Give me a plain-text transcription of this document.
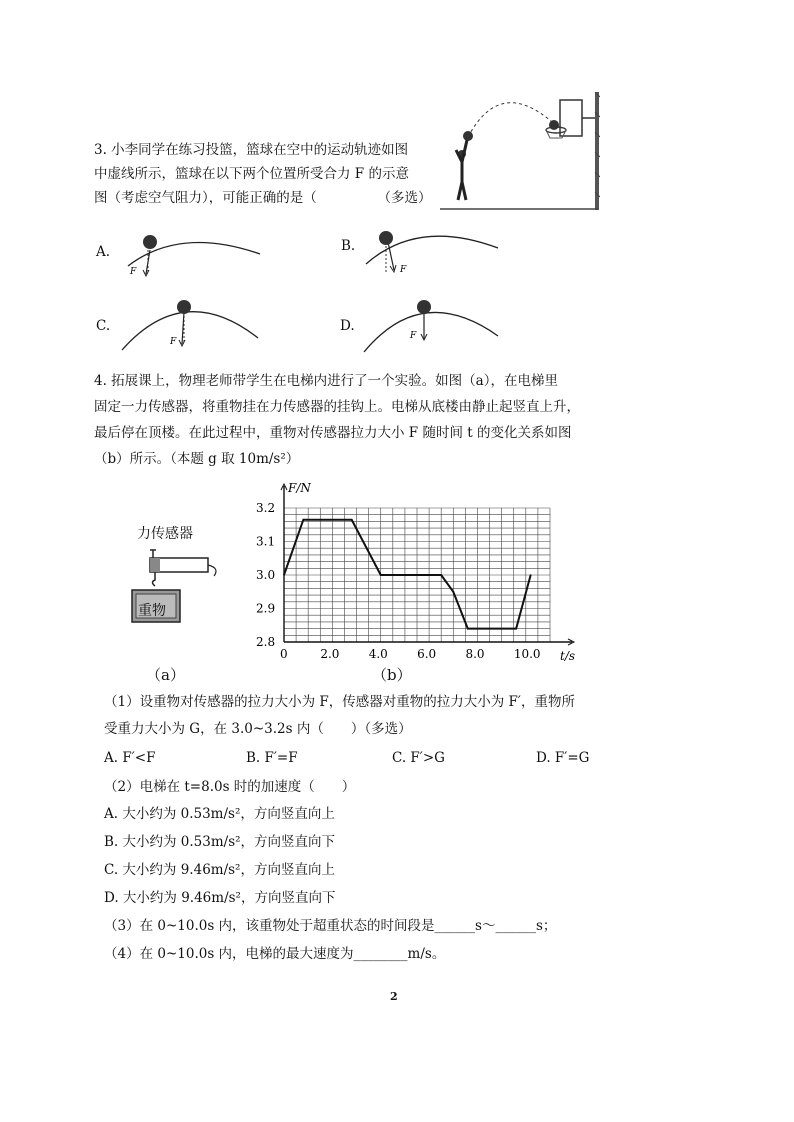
3. 小李同学在练习投篮，篮球在空中的运动轨迹如图
中虚线所示，篮球在以下两个位置所受合力 F 的示意
图（考虑空气阻力），可能正确的是（　　　　　（多选）
A.
F
B.
F
C.
F
D.
F
4. 拓展课上，物理老师带学生在电梯内进行了一个实验。如图（a），在电梯里
固定一力传感器，将重物挂在力传感器的挂钩上。电梯从底楼由静止起竖直上升，
最后停在顶楼。在此过程中，重物对传感器拉力大小 F 随时间 t 的变化关系如图
（b）所示。（本题 g 取 10m/s²）
力传感器
重物
（a）
2.8
2.9
3.0
3.1
3.2
0	2.0 4.0 6.0 8.0 10.0
F/N
t/s
（b）
（1）设重物对传感器的拉力大小为 F，传感器对重物的拉力大小为 F′，重物所
受重力大小为 G，在 3.0~3.2s 内（　　）（多选）
A. F′<F	B. F′=F	C. F′>G	D. F′=G
（2）电梯在 t=8.0s 时的加速度（　　）
A. 大小约为 0.53m/s²，方向竖直向上
B. 大小约为 0.53m/s²，方向竖直向下
C. 大小约为 9.46m/s²，方向竖直向上
D. 大小约为 9.46m/s²，方向竖直向下
（3）在 0~10.0s 内，该重物处于超重状态的时间段是______s～______s；
（4）在 0~10.0s 内，电梯的最大速度为________m/s。
2
